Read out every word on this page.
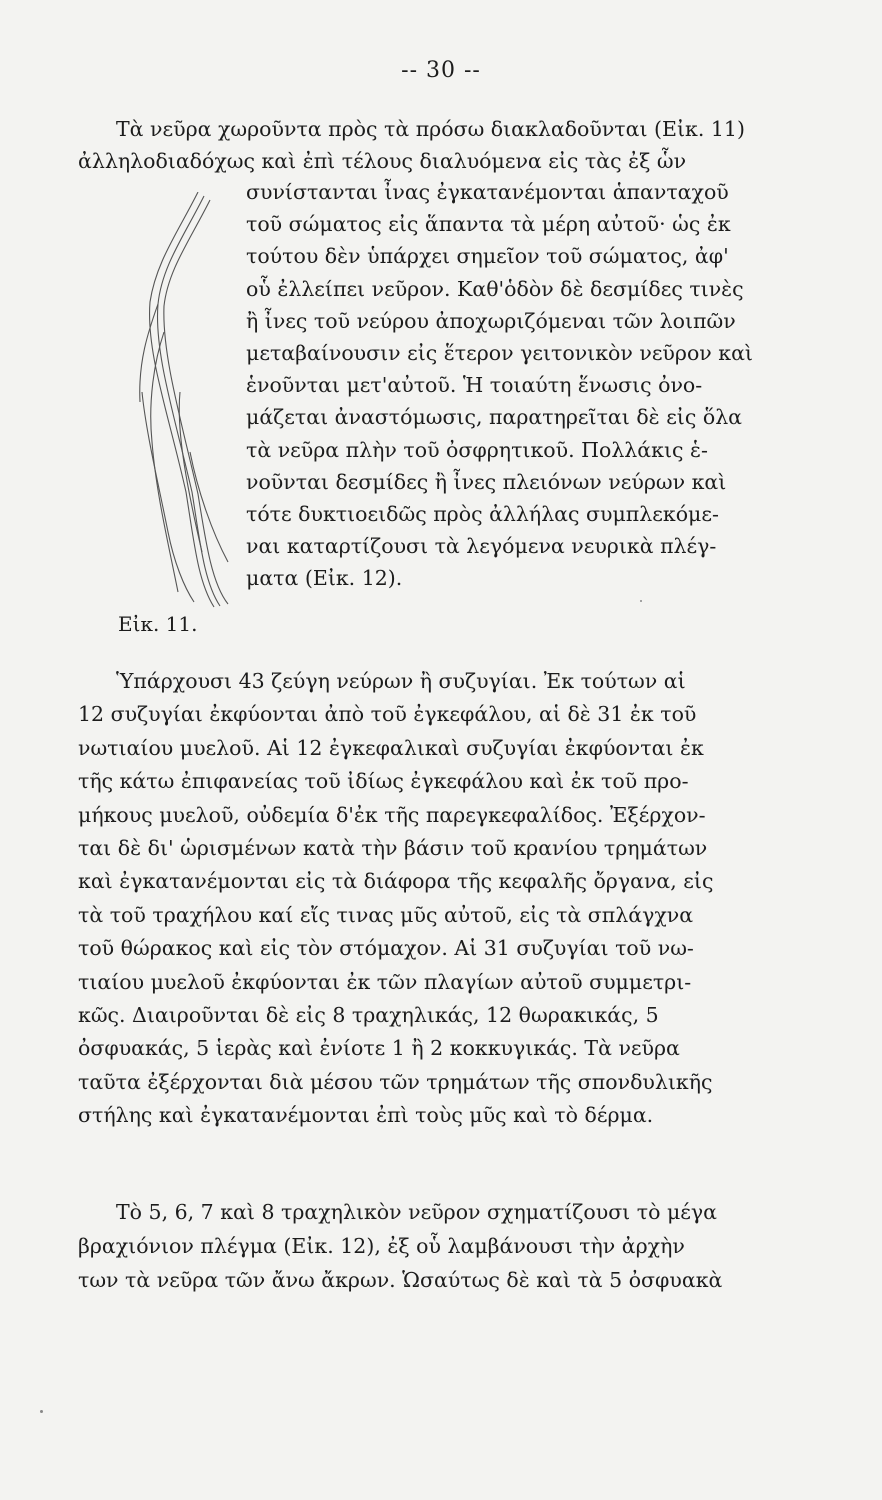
-- 30 --
Τὰ νεῦρα χωροῦντα πρὸς τὰ πρόσω διακλαδοῦνται (Εἰκ. 11)
ἀλληλοδιαδόχως καὶ ἐπὶ τέλους διαλυόμενα εἰς τὰς ἐξ ὧν
Εἰκ. 11.
συνίστανται ἶνας ἐγκατανέμονται ἁπανταχοῦ
τοῦ σώματος εἰς ἅπαντα τὰ μέρη αὐτοῦ· ὡς ἐκ
τούτου δὲν ὑπάρχει σημεῖον τοῦ σώματος, ἀφ'
οὗ ἐλλείπει νεῦρον. Καθ'ὁδὸν δὲ δεσμίδες τινὲς
ἢ ἶνες τοῦ νεύρου ἀποχωριζόμεναι τῶν λοιπῶν
μεταβαίνουσιν εἰς ἕτερον γειτονικὸν νεῦρον καὶ
ἑνοῦνται μετ'αὐτοῦ. Ἡ τοιαύτη ἕνωσις ὀνο-
μάζεται ἀναστόμωσις, παρατηρεῖται δὲ εἰς ὅλα
τὰ νεῦρα πλὴν τοῦ ὀσφρητικοῦ. Πολλάκις ἑ-
νοῦνται δεσμίδες ἢ ἶνες πλειόνων νεύρων καὶ
τότε δυκτιοειδῶς πρὸς ἀλλήλας συμπλεκόμε-
ναι καταρτίζουσι τὰ λεγόμενα νευρικὰ πλέγ-
ματα (Εἰκ. 12).
Ὑπάρχουσι 43 ζεύγη νεύρων ἢ συζυγίαι. Ἐκ τούτων αἱ
12 συζυγίαι ἐκφύονται ἀπὸ τοῦ ἐγκεφάλου, αἱ δὲ 31 ἐκ τοῦ
νωτιαίου μυελοῦ. Αἱ 12 ἐγκεφαλικαὶ συζυγίαι ἐκφύονται ἐκ
τῆς κάτω ἐπιφανείας τοῦ ἰδίως ἐγκεφάλου καὶ ἐκ τοῦ προ-
μήκους μυελοῦ, οὐδεμία δ'ἐκ τῆς παρεγκεφαλίδος. Ἐξέρχον-
ται δὲ δι' ὡρισμένων κατὰ τὴν βάσιν τοῦ κρανίου τρημάτων
καὶ ἐγκατανέμονται εἰς τὰ διάφορα τῆς κεφαλῆς ὄργανα, εἰς
τὰ τοῦ τραχήλου καί εἴς τινας μῦς αὐτοῦ, εἰς τὰ σπλάγχνα
τοῦ θώρακος καὶ εἰς τὸν στόμαχον. Αἱ 31 συζυγίαι τοῦ νω-
τιαίου μυελοῦ ἐκφύονται ἐκ τῶν πλαγίων αὐτοῦ συμμετρι-
κῶς. Διαιροῦνται δὲ εἰς 8 τραχηλικάς, 12 θωρακικάς, 5
ὀσφυακάς, 5 ἱερὰς καὶ ἐνίοτε 1 ἢ 2 κοκκυγικάς. Τὰ νεῦρα
ταῦτα ἐξέρχονται διὰ μέσου τῶν τρημάτων τῆς σπονδυλικῆς
στήλης καὶ ἐγκατανέμονται ἐπὶ τοὺς μῦς καὶ τὸ δέρμα.
Τὸ 5, 6, 7 καὶ 8 τραχηλικὸν νεῦρον σχηματίζουσι τὸ μέγα
βραχιόνιον πλέγμα (Εἰκ. 12), ἐξ οὗ λαμβάνουσι τὴν ἀρχὴν
των τὰ νεῦρα τῶν ἄνω ἄκρων. Ὡσαύτως δὲ καὶ τὰ 5 ὀσφυακὰ
